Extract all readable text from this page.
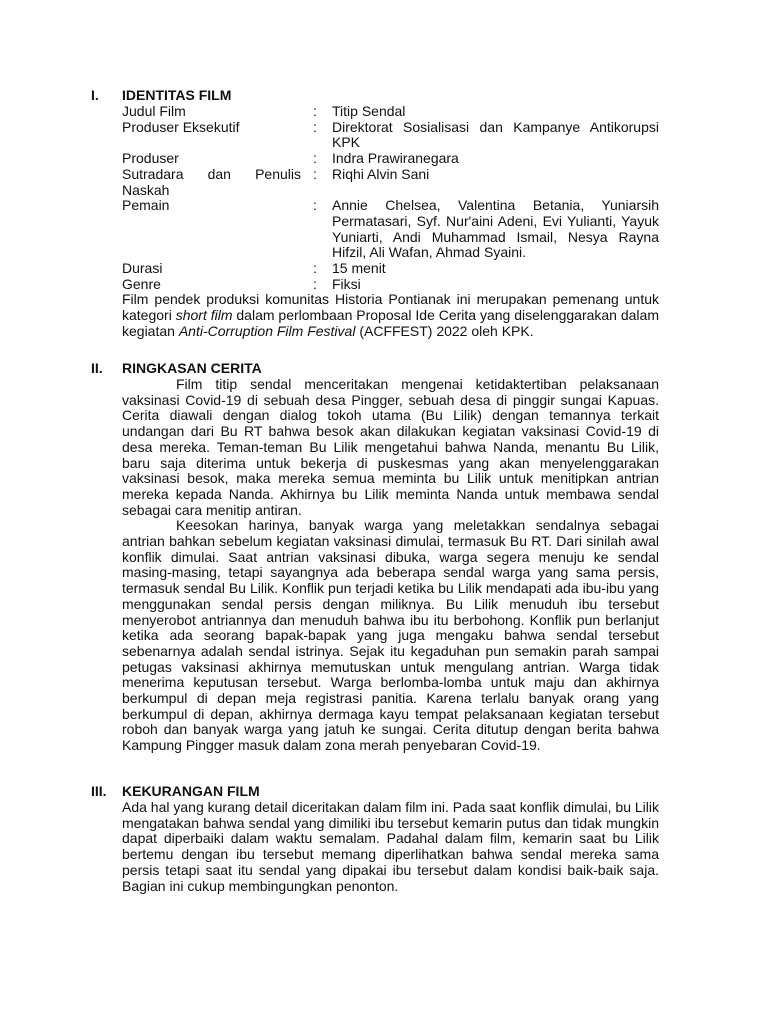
I. IDENTITAS FILM
Judul Film	:	Titip Sendal
Produser Eksekutif	:	Direktorat Sosialisasi dan Kampanye Antikorupsi KPK
Produser	:	Indra Prawiranegara
Sutradara dan Penulis Naskah	:	Riqhi Alvin Sani
Pemain	:	Annie Chelsea, Valentina Betania, Yuniarsih Permatasari, Syf. Nur'aini Adeni, Evi Yulianti, Yayuk Yuniarti, Andi Muhammad Ismail, Nesya Rayna Hifzil, Ali Wafan, Ahmad Syaini.
Durasi	:	15 menit
Genre	:	Fiksi

Film pendek produksi komunitas Historia Pontianak ini merupakan pemenang untuk kategori short film dalam perlombaan Proposal Ide Cerita yang diselenggarakan dalam kegiatan Anti-Corruption Film Festival (ACFFEST) 2022 oleh KPK.

II. RINGKASAN CERITA

Film titip sendal menceritakan mengenai ketidaktertiban pelaksanaan vaksinasi Covid-19 di sebuah desa Pingger, sebuah desa di pinggir sungai Kapuas. Cerita diawali dengan dialog tokoh utama (Bu Lilik) dengan temannya terkait undangan dari Bu RT bahwa besok akan dilakukan kegiatan vaksinasi Covid-19 di desa mereka. Teman-teman Bu Lilik mengetahui bahwa Nanda, menantu Bu Lilik, baru saja diterima untuk bekerja di puskesmas yang akan menyelenggarakan vaksinasi besok, maka mereka semua meminta bu Lilik untuk menitipkan antrian mereka kepada Nanda. Akhirnya bu Lilik meminta Nanda untuk membawa sendal sebagai cara menitip antiran.

Keesokan harinya, banyak warga yang meletakkan sendalnya sebagai antrian bahkan sebelum kegiatan vaksinasi dimulai, termasuk Bu RT. Dari sinilah awal konflik dimulai. Saat antrian vaksinasi dibuka, warga segera menuju ke sendal masing-masing, tetapi sayangnya ada beberapa sendal warga yang sama persis, termasuk sendal Bu Lilik. Konflik pun terjadi ketika bu Lilik mendapati ada ibu-ibu yang menggunakan sendal persis dengan miliknya. Bu Lilik menuduh ibu tersebut menyerobot antriannya dan menuduh bahwa ibu itu berbohong. Konflik pun berlanjut ketika ada seorang bapak-bapak yang juga mengaku bahwa sendal tersebut sebenarnya adalah sendal istrinya. Sejak itu kegaduhan pun semakin parah sampai petugas vaksinasi akhirnya memutuskan untuk mengulang antrian. Warga tidak menerima keputusan tersebut. Warga berlomba-lomba untuk maju dan akhirnya berkumpul di depan meja registrasi panitia. Karena terlalu banyak orang yang berkumpul di depan, akhirnya dermaga kayu tempat pelaksanaan kegiatan tersebut roboh dan banyak warga yang jatuh ke sungai. Cerita ditutup dengan berita bahwa Kampung Pingger masuk dalam zona merah penyebaran Covid-19.

III. KEKURANGAN FILM

Ada hal yang kurang detail diceritakan dalam film ini. Pada saat konflik dimulai, bu Lilik mengatakan bahwa sendal yang dimiliki ibu tersebut kemarin putus dan tidak mungkin dapat diperbaiki dalam waktu semalam. Padahal dalam film, kemarin saat bu Lilik bertemu dengan ibu tersebut memang diperlihatkan bahwa sendal mereka sama persis tetapi saat itu sendal yang dipakai ibu tersebut dalam kondisi baik-baik saja. Bagian ini cukup membingungkan penonton.
